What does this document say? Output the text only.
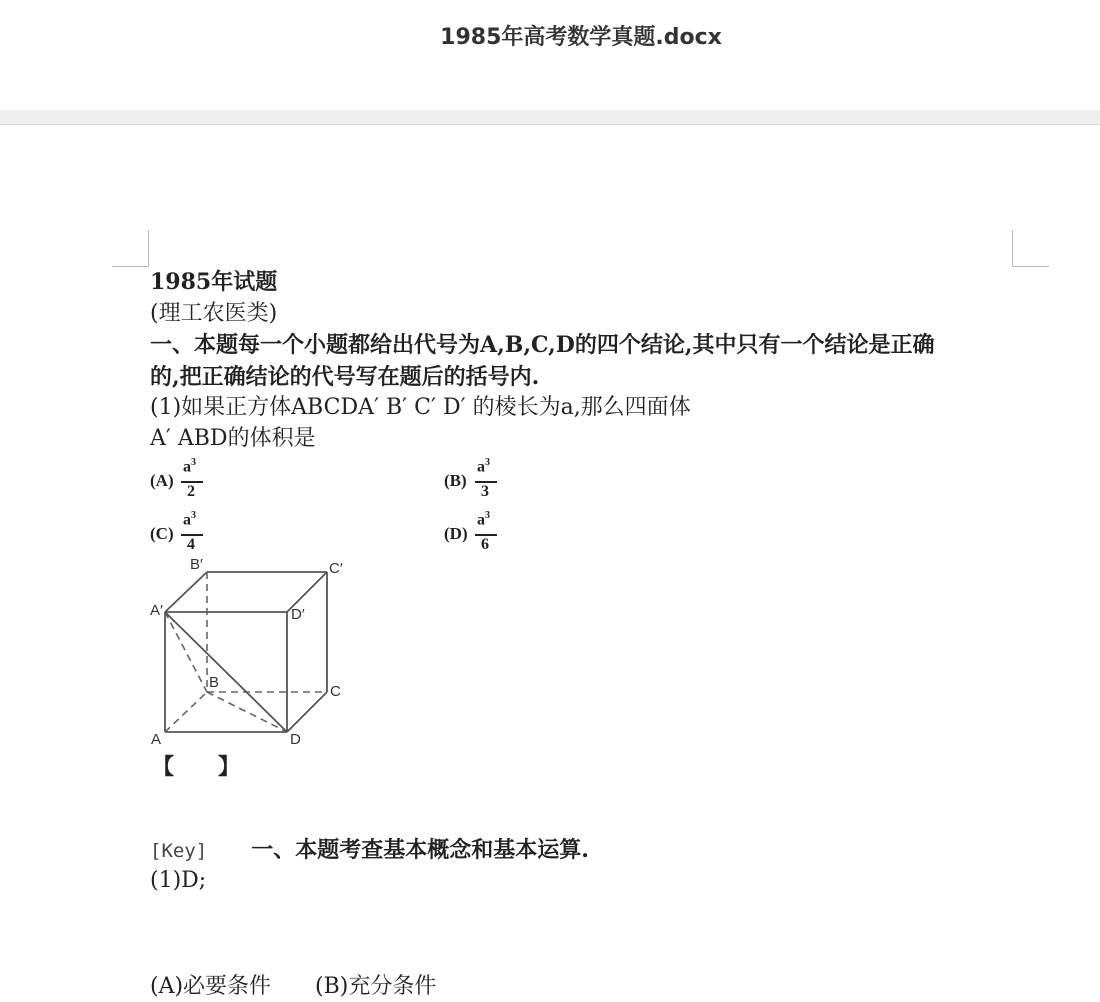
1985年高考数学真题.docx
1985年试题
(理工农医类)
一、本题每一个小题都给出代号为A,B,C,D的四个结论,其中只有一个结论是正确
的,把正确结论的代号写在题后的括号内.
(1)如果正方体ABCDA′ B′ C′ D′ 的棱长为a,那么四面体
A′ ABD的体积是
(A)
$a^3$
2
(B)
$a^3$
3
(C)
$a^3$
4
(D)
$a^3$
6
B′	C′
A′	D′
B
C
A	D
【　　】
[Key] 一、本题考查基本概念和基本运算.
(1)D;
(A)必要条件　　(B)充分条件
